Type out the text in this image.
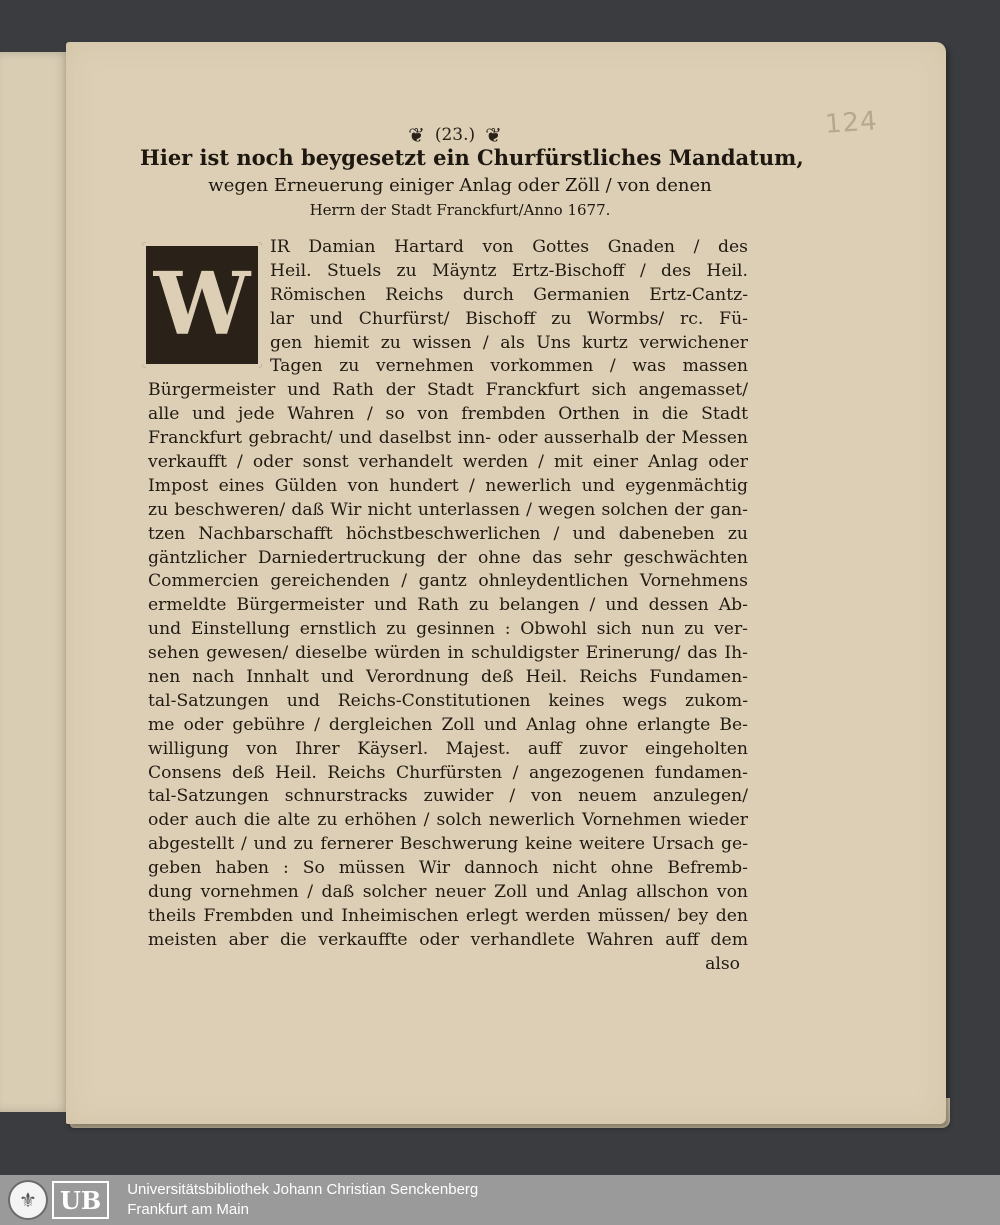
124
❦ (23.) ❦
Hier ist noch beygesetzt ein Churfürstliches Mandatum,
wegen Erneuerung einiger Anlag oder Zöll / von denen
Herrn der Stadt Franckfurt/Anno 1677.
IR Damian Hartard von Gottes Gnaden / des
Heil. Stuels zu Mäyntz Ertz-Bischoff / des Heil.
Römischen Reichs durch Germanien Ertz-Cantz-
lar und Churfürst/ Bischoff zu Wormbs/ rc. Fü-
gen hiemit zu wissen / als Uns kurtz verwichener
Tagen zu vernehmen vorkommen / was massen
Bürgermeister und Rath der Stadt Franckfurt sich angemasset/
alle und jede Wahren / so von frembden Orthen in die Stadt
Franckfurt gebracht/ und daselbst inn- oder ausserhalb der Messen
verkaufft / oder sonst verhandelt werden / mit einer Anlag oder
Impost eines Gülden von hundert / newerlich und eygenmächtig
zu beschweren/ daß Wir nicht unterlassen / wegen solchen der gan-
tzen Nachbarschafft höchstbeschwerlichen / und dabeneben zu
gäntzlicher Darniedertruckung der ohne das sehr geschwächten
Commercien gereichenden / gantz ohnleydentlichen Vornehmens
ermeldte Bürgermeister und Rath zu belangen / und dessen Ab-
und Einstellung ernstlich zu gesinnen : Obwohl sich nun zu ver-
sehen gewesen/ dieselbe würden in schuldigster Erinerung/ das Ih-
nen nach Innhalt und Verordnung deß Heil. Reichs Fundamen-
tal-Satzungen und Reichs-Constitutionen keines wegs zukom-
me oder gebühre / dergleichen Zoll und Anlag ohne erlangte Be-
willigung von Ihrer Käyserl. Majest. auff zuvor eingeholten
Consens deß Heil. Reichs Churfürsten / angezogenen fundamen-
tal-Satzungen schnurstracks zuwider / von neuem anzulegen/
oder auch die alte zu erhöhen / solch newerlich Vornehmen wieder
abgestellt / und zu fernerer Beschwerung keine weitere Ursach ge-
geben haben : So müssen Wir dannoch nicht ohne Befremb-
dung vornehmen / daß solcher neuer Zoll und Anlag allschon von
theils Frembden und Inheimischen erlegt werden müssen/ bey den
meisten aber die verkauffte oder verhandlete Wahren auff dem
also
W
⚜ UB	Universitätsbibliothek Johann Christian Senckenberg
Frankfurt am Main
